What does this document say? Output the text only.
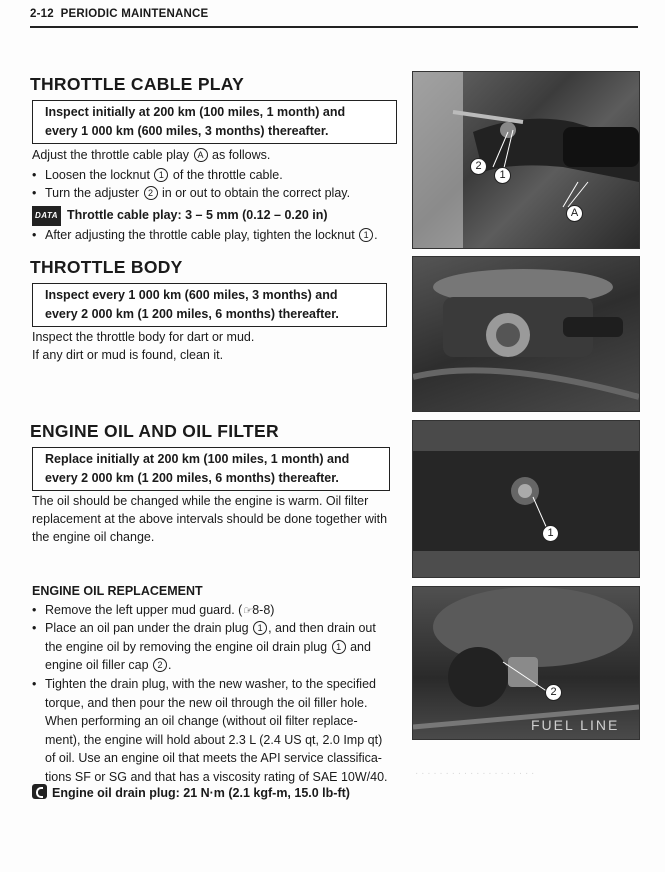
· · · · · · · · · · · · · · · · · · · ·
2-12 PERIODIC MAINTENANCE
THROTTLE CABLE PLAY
Inspect initially at 200 km (100 miles, 1 month) and
every 1 000 km (600 miles, 3 months) thereafter.
Adjust the throttle cable play A as follows.
• Loosen the locknut 1 of the throttle cable.
• Turn the adjuster 2 in or out to obtain the correct play.
DATA Throttle cable play: 3 – 5 mm (0.12 – 0.20 in)
• After adjusting the throttle cable play, tighten the locknut 1 .
2
1
A
THROTTLE BODY
Inspect every 1 000 km (600 miles, 3 months) and
every 2 000 km (1 200 miles, 6 months) thereafter.
Inspect the throttle body for dart or mud.
If any dirt or mud is found, clean it.
ENGINE OIL AND OIL FILTER
Replace initially at 200 km (100 miles, 1 month) and
every 2 000 km (1 200 miles, 6 months) thereafter.
The oil should be changed while the engine is warm. Oil filter
replacement at the above intervals should be done together with
the engine oil change.	1
2
FUEL LINE
ENGINE OIL REPLACEMENT
• Remove the left upper mud guard. (☞8-8)
• Place an oil pan under the drain plug 1 , and then drain out
the engine oil by removing the engine oil drain plug 1 and
engine oil filler cap 2 .
• Tighten the drain plug, with the new washer, to the specified
torque, and then pour the new oil through the oil filler hole.
When performing an oil change (without oil filter replace-
ment), the engine will hold about 2.3 L (2.4 US qt, 2.0 Imp qt)
of oil. Use an engine oil that meets the API service classifica-
tions SF or SG and that has a viscosity rating of SAE 10W/40.
Engine oil drain plug: 21 N·m (2.1 kgf-m, 15.0 lb-ft)
